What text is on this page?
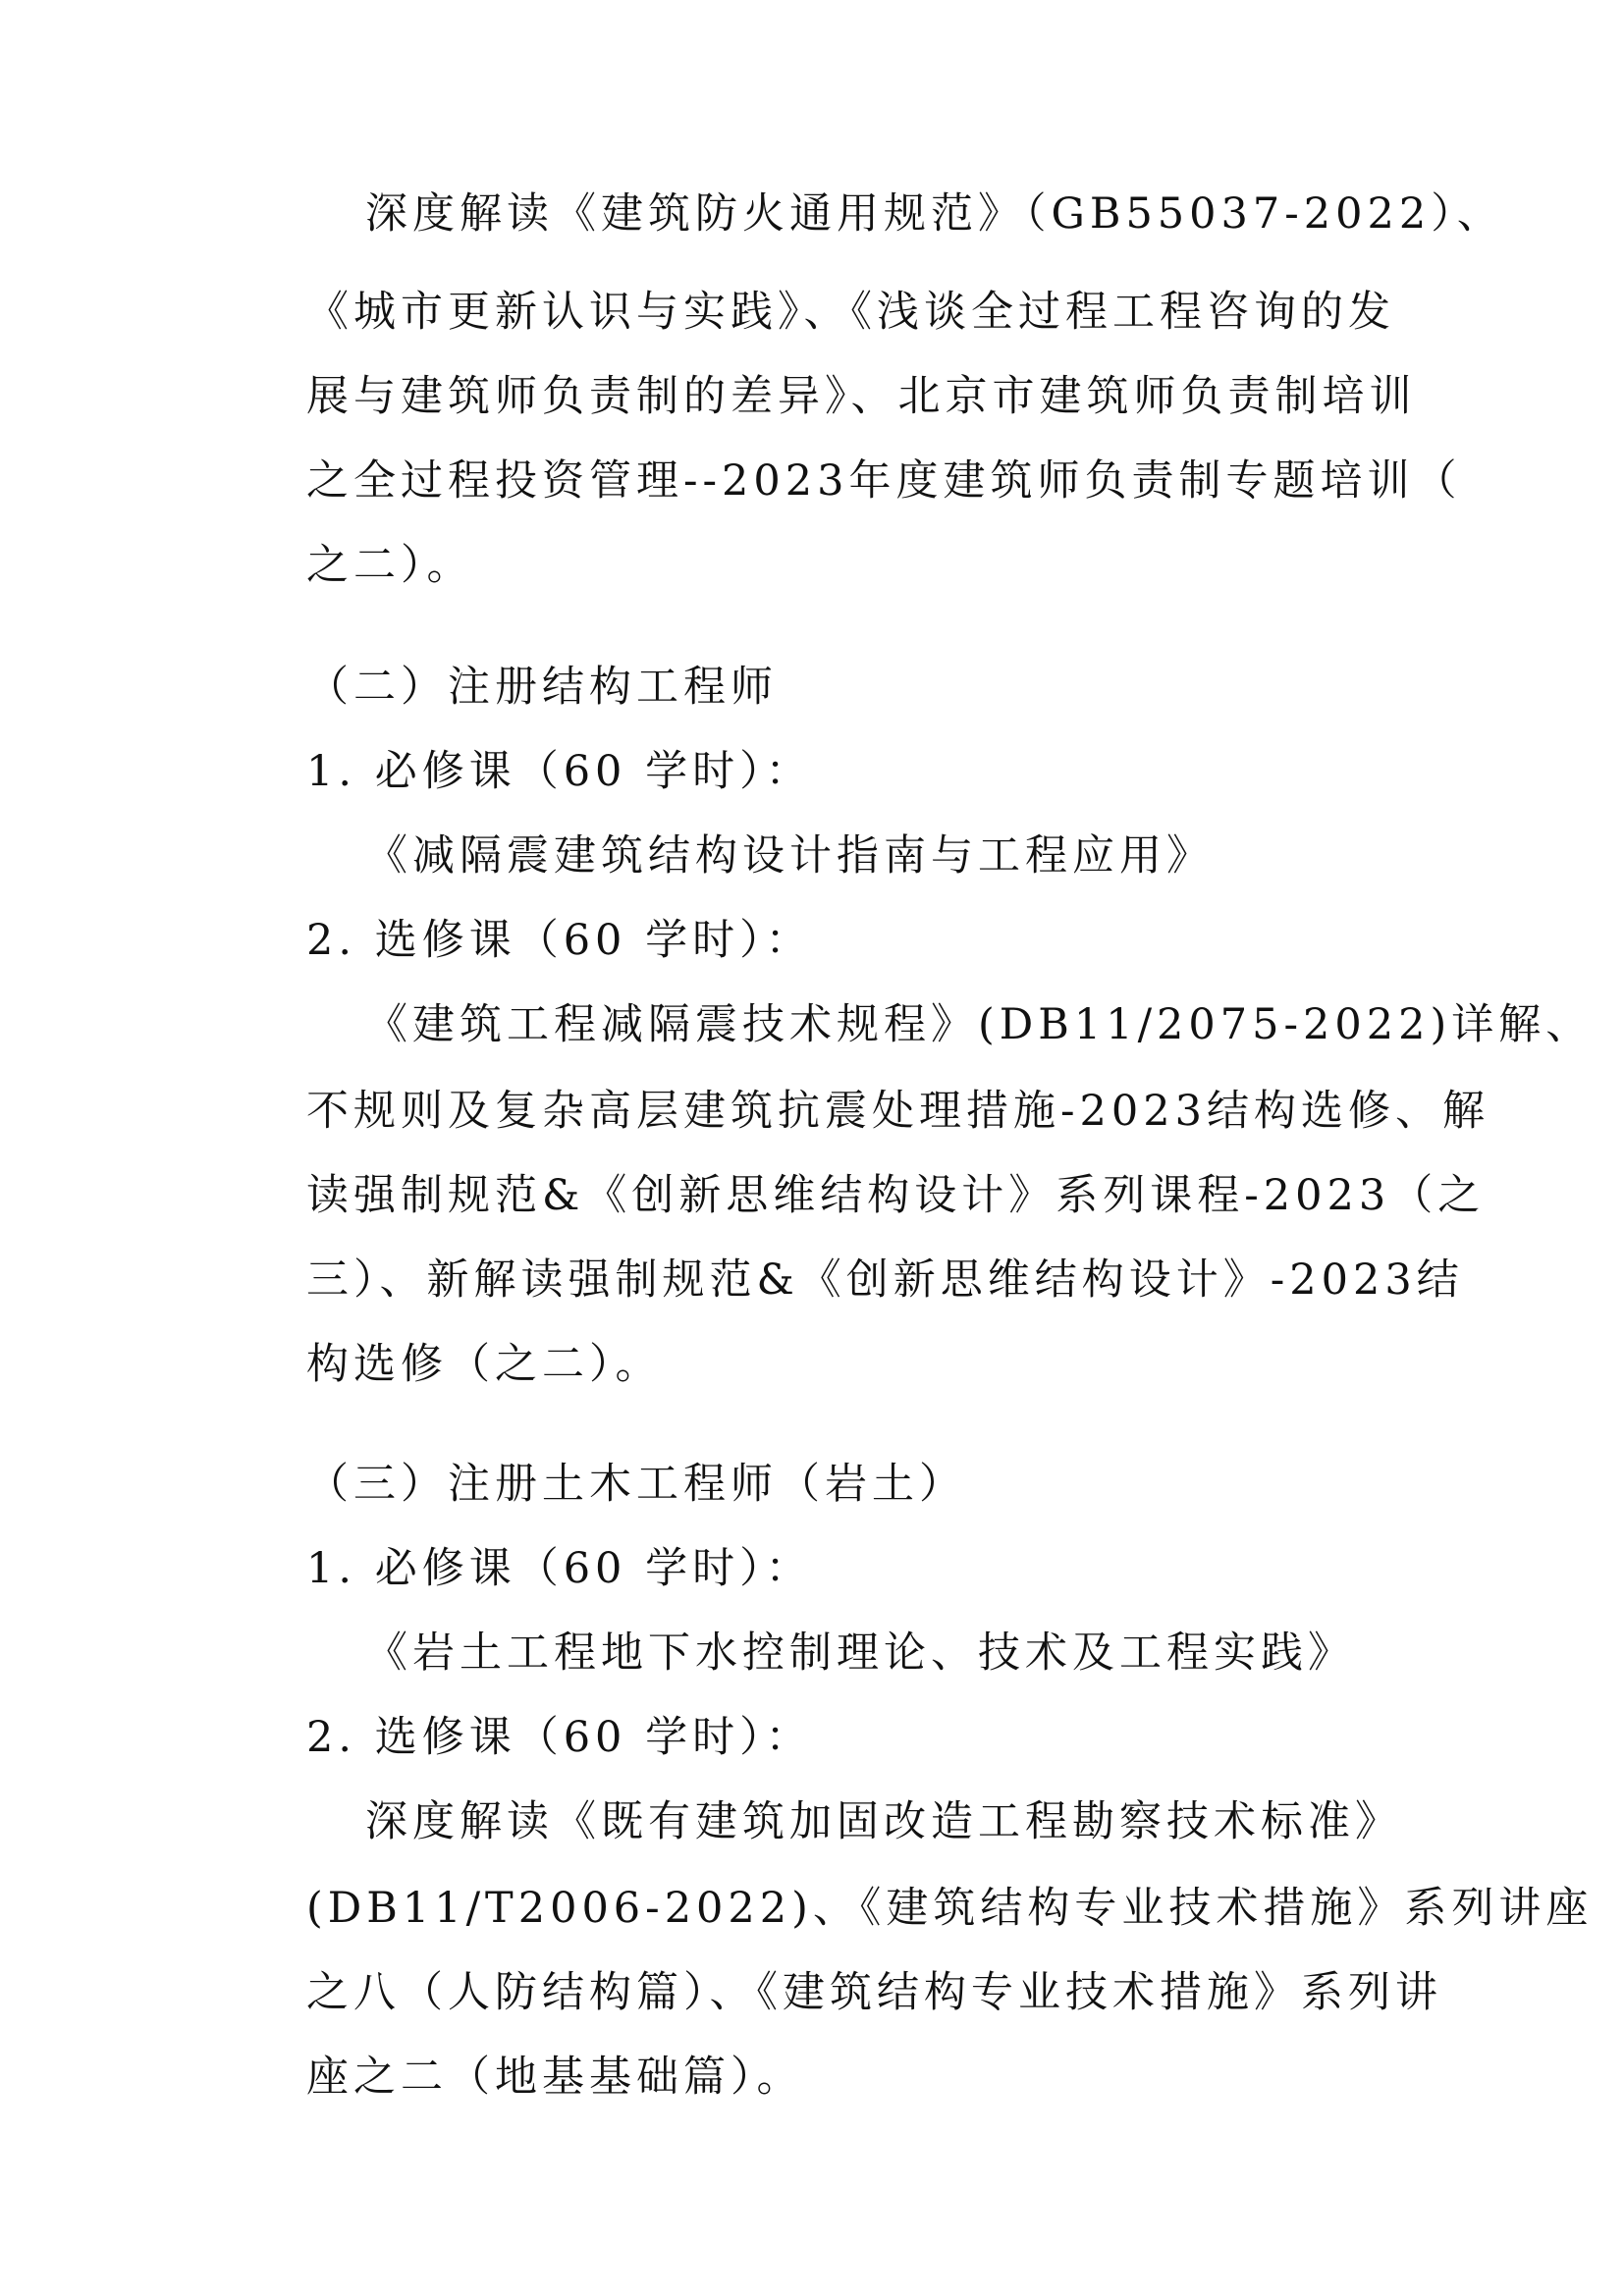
深度解读《建筑防火通用规范》（GB55037-2022）、
《城市更新认识与实践》、《浅谈全过程工程咨询的发
展与建筑师负责制的差异》、北京市建筑师负责制培训
之全过程投资管理--2023年度建筑师负责制专题培训（
之二）。
（二）注册结构工程师
1. 必修课（60 学时）：
《减隔震建筑结构设计指南与工程应用》
2. 选修课（60 学时）：
《建筑工程减隔震技术规程》(DB11/2075-2022)详解、
不规则及复杂高层建筑抗震处理措施-2023结构选修、解
读强制规范&《创新思维结构设计》系列课程-2023（之
三）、新解读强制规范&《创新思维结构设计》-2023结
构选修（之二）。
（三）注册土木工程师（岩土）
1. 必修课（60 学时）：
《岩土工程地下水控制理论、技术及工程实践》
2. 选修课（60 学时）：
深度解读《既有建筑加固改造工程勘察技术标准》
(DB11/T2006-2022)、《建筑结构专业技术措施》系列讲座
之八（人防结构篇）、《建筑结构专业技术措施》系列讲
座之二（地基基础篇）。
